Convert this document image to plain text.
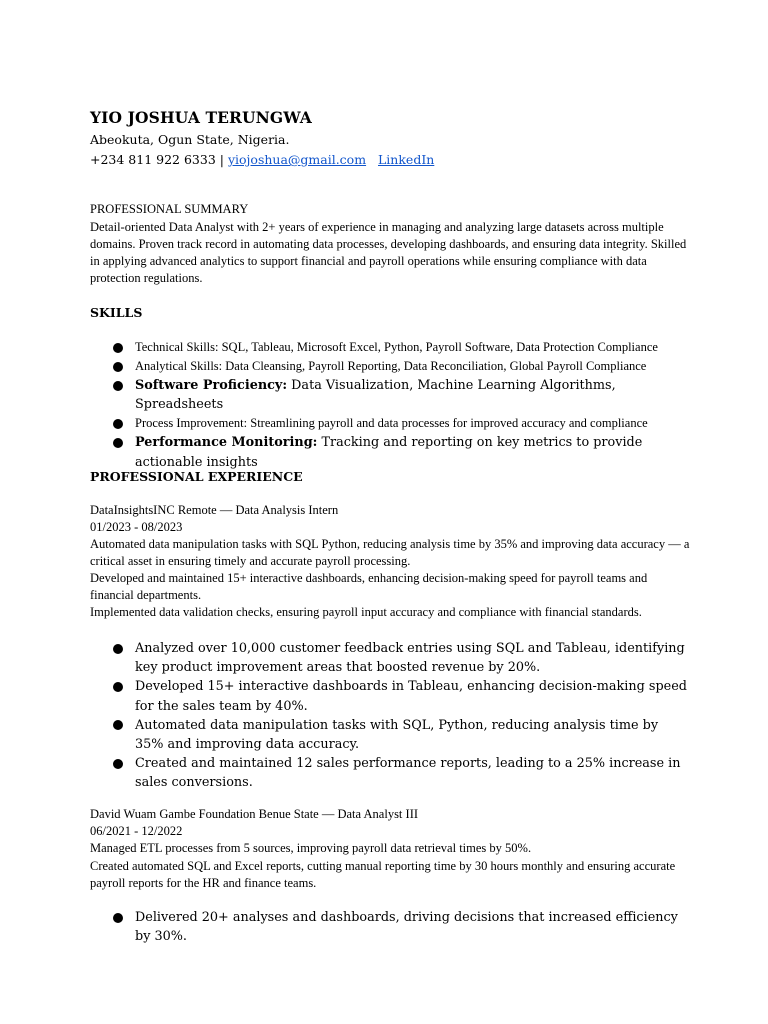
YIO JOSHUA TERUNGWA
Abeokuta, Ogun State, Nigeria.
+234 811 922 6333 | yiojoshua@gmail.com LinkedIn
PROFESSIONAL SUMMARY
Detail-oriented Data Analyst with 2+ years of experience in managing and analyzing large datasets across multiple domains. Proven track record in automating data processes, developing dashboards, and ensuring data integrity. Skilled in applying advanced analytics to support financial and payroll operations while ensuring compliance with data protection regulations.
SKILLS
Technical Skills: SQL, Tableau, Microsoft Excel, Python, Payroll Software, Data Protection Compliance
Analytical Skills: Data Cleansing, Payroll Reporting, Data Reconciliation, Global Payroll Compliance
Software Proficiency: Data Visualization, Machine Learning Algorithms, Spreadsheets
Process Improvement: Streamlining payroll and data processes for improved accuracy and compliance
Performance Monitoring: Tracking and reporting on key metrics to provide actionable insights
PROFESSIONAL EXPERIENCE
DataInsightsINC Remote — Data Analysis Intern
01/2023 - 08/2023
Automated data manipulation tasks with SQL Python, reducing analysis time by 35% and improving data accuracy — a critical asset in ensuring timely and accurate payroll processing.
Developed and maintained 15+ interactive dashboards, enhancing decision-making speed for payroll teams and financial departments.
Implemented data validation checks, ensuring payroll input accuracy and compliance with financial standards.
Analyzed over 10,000 customer feedback entries using SQL and Tableau, identifying key product improvement areas that boosted revenue by 20%.
Developed 15+ interactive dashboards in Tableau, enhancing decision-making speed for the sales team by 40%.
Automated data manipulation tasks with SQL, Python, reducing analysis time by 35% and improving data accuracy.
Created and maintained 12 sales performance reports, leading to a 25% increase in sales conversions.
David Wuam Gambe Foundation Benue State — Data Analyst III
06/2021 - 12/2022
Managed ETL processes from 5 sources, improving payroll data retrieval times by 50%.
Created automated SQL and Excel reports, cutting manual reporting time by 30 hours monthly and ensuring accurate payroll reports for the HR and finance teams.
Delivered 20+ analyses and dashboards, driving decisions that increased efficiency by 30%.
